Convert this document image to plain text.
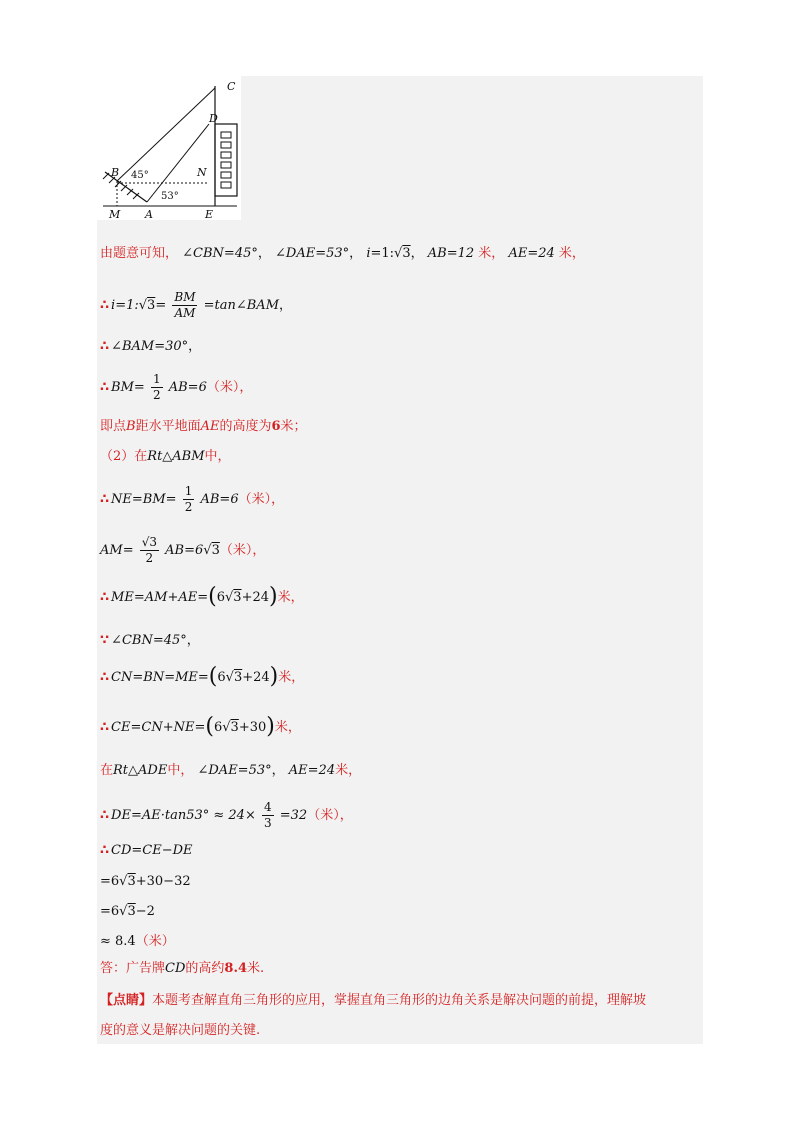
C
D
B	N
M A	E
45°
53°
由题意可知， ∠CBN=45°， ∠DAE=53°， i=1:√3， AB=12 米， AE=24 米，
∴ i=1:√3= $\frac{BM}{AM}$ =tan∠BAM，
∴ ∠BAM=30°，
∴ $BM= \frac{1}{2} AB=6$（米），
即点B距水平地面AE的高度为6米；
（2）在Rt△ABM中，
∴ $NE=BM= \frac{1}{2} AB=6$（米），
$AM= \frac{√3}{2} AB=6√3$（米），
∴ ME=AM+AE=(6√3+24)米，
∵ ∠CBN=45°，
∴ CN=BN=ME=(6√3+24)米，
∴ CE=CN+NE=(6√3+30)米，
在Rt△ADE中， ∠DAE=53°， AE=24米，
∴ $DE=AE\cdot\tan 53^\circ \approx 24\times \frac{4}{3} =32$（米），
∴ CD=CE−DE
=6√3+30−32
=6√3−2
≈ 8.4（米）
答：广告牌CD的高约8.4米.
【点睛】本题考查解直角三角形的应用，掌握直角三角形的边角关系是解决问题的前提，理解坡
度的意义是解决问题的关键.
